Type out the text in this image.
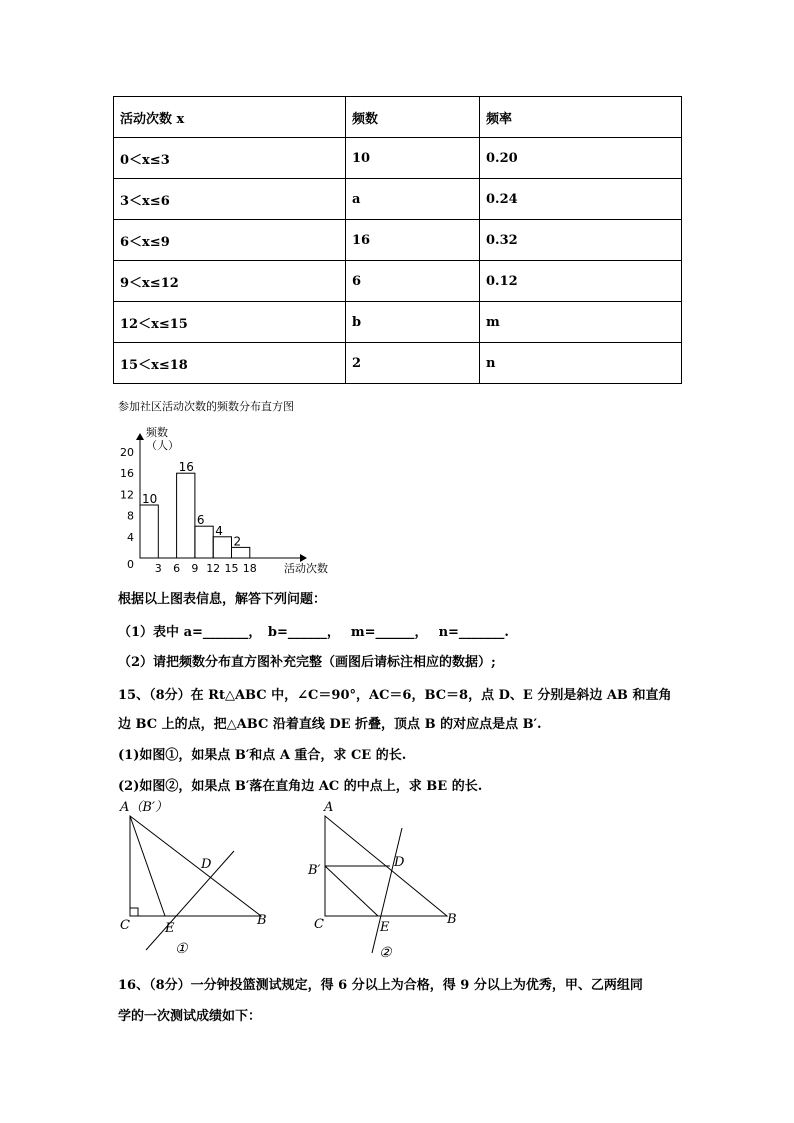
活动次数 x	频数	频率
0＜x≤3	10	0.20
3＜x≤6	a	0.24
6＜x≤9	16	0.32
9＜x≤12	6	0.12
12＜x≤15	b	m
15＜x≤18	2	n
参加社区活动次数的频数分布直方图
频数
（人）
活动次数
0
4
8
12
16
20
3 6 9 12 15 18
10
16
6
4
2
根据以上图表信息，解答下列问题：
（1）表中 a=_______，　b=______，　 m=______，　 n=_______.
（2）请把频数分布直方图补充完整（画图后请标注相应的数据）;
15、（8分）在 Rt△ABC 中，∠C＝90°，AC＝6，BC＝8，点 D、E 分别是斜边 AB 和直角
边 BC 上的点，把△ABC 沿着直线 DE 折叠，顶点 B 的对应点是点 B′.
(1)如图①，如果点 B′和点 A 重合，求 CE 的长.
(2)如图②，如果点 B′落在直角边 AC 的中点上，求 BE 的长.
A（B′）
C	E
D
B
①
A
B′
C	E
D
B
②
16、（8分）一分钟投篮测试规定，得 6 分以上为合格，得 9 分以上为优秀，甲、乙两组同
学的一次测试成绩如下：
